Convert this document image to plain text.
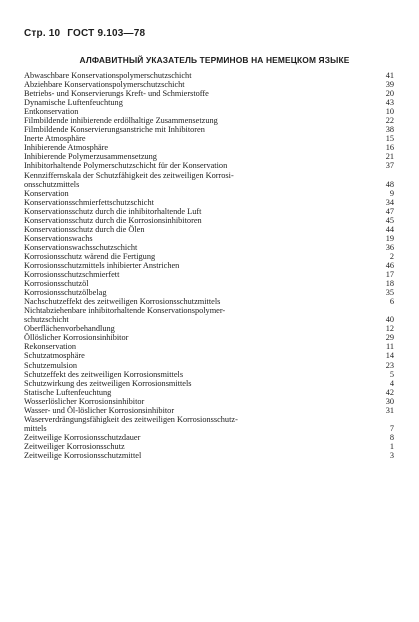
Стр. 10 ГОСТ 9.103—78
АЛФАВИТНЫЙ УКАЗАТЕЛЬ ТЕРМИНОВ НА НЕМЕЦКОМ ЯЗЫКЕ
Abwaschbare Konservationspolymerschutzschicht	41
Abziehbare Konservationspolymerschutzschicht	39
Betriebs- und Konservierungs Kreft- und Schmierstoffe	20
Dynamische Luftenfeuchtung	43
Entkonservation	10
Filmbildende inhibierende erdölhaltige Zusammensetzung	22
Filmbildende Konservierungsanstriche mit Inhibitoren	38
Inerte Atmosphäre	15
Inhibierende Atmosphäre	16
Inhibierende Polymerzusammensetzung	21
Inhibitorhaltende Polymerschutzschicht für der Konservation	37
Kennziffernskala der Schutzfähigkeit des zeitweiligen Korrosi-
onsschutzmittels	48
Konservation	9
Konservationsschmierfettschutzschicht	34
Konservationsschutz durch die inhibitorhaltende Luft	47
Konservationsschutz durch die Korrosionsinhibitoren	45
Konservationsschutz durch die Ölen	44
Konservationswachs	19
Konservationswachsschutzschicht	36
Korrosionsschutz wärend die Fertigung	2
Korrosionsschutzmittels inhibierter Anstrichen	46
Korrosionsschutzschmierfett	17
Korrosionsschutzöl	18
Korrosionsschutzölbelag	35
Nachschutzeffekt des zeitweiligen Korrosionsschutzmittels	6
Nichtabziehenbare inhibitorhaltende Konservationspolymer-
schutzschicht	40
Oberflächenvorbehandlung	12
Öllöslicher Korrosionsinhibitor	29
Rekonservation	11
Schutzatmosphäre	14
Schutzemulsion	23
Schutzeffekt des zeitweiligen Korrosionsmittels	5
Schutzwirkung des zeitweiligen Korrosionsmittels	4
Statische Luftenfeuchtung	42
Wosserlöslicher Korrosionsinhibitor	30
Wasser- und Öl-löslicher Korrosionsinhibitor	31
Waserverdrängungsfähigkeit des zeitweiligen Korrosionsschutz-
mittels	7
Zeitweilige Korrosionsschutzdauer	8
Zeitweiliger Korrosionsschutz	1
Zeitweilige Korrosionsschutzmittel	3
